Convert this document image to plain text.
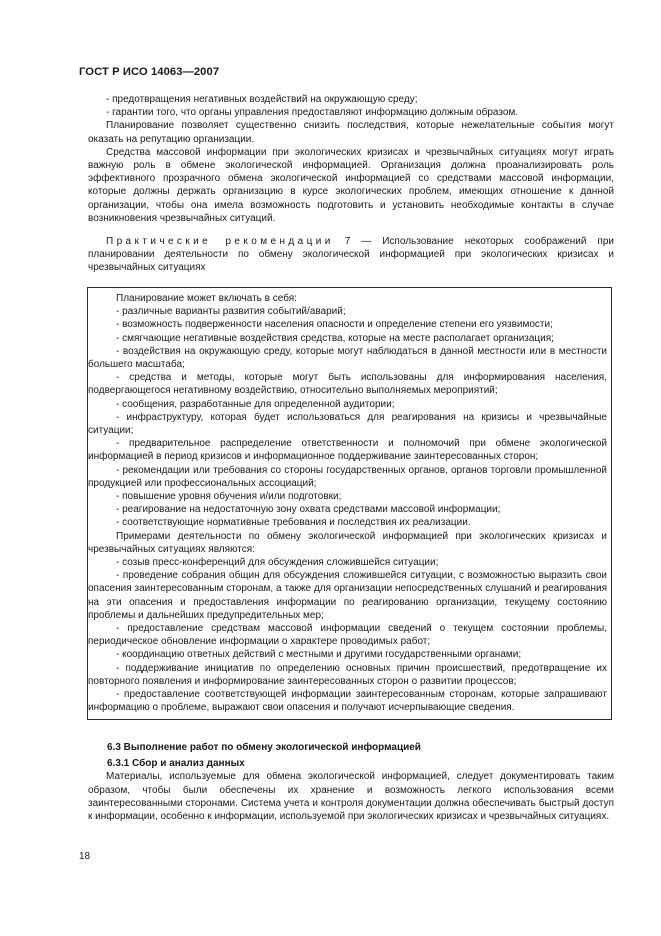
ГОСТ Р ИСО 14063—2007

- предотвращения негативных воздействий на окружающую среду;

- гарантии того, что органы управления предоставляют информацию должным образом.

Планирование позволяет существенно снизить последствия, которые нежелательные события могут оказать на репутацию организации.

Средства массовой информации при экологических кризисах и чрезвычайных ситуациях могут играть важную роль в обмене экологической информацией. Организация должна проанализировать роль эффективного прозрачного обмена экологической информацией со средствами массовой информации, которые должны держать организацию в курсе экологических проблем, имеющих отношение к данной организации, чтобы она имела возможность подготовить и установить необходимые контакты в случае возникновения чрезвычайных ситуаций.

Практические рекомендации 7 — Использование некоторых соображений при планировании деятельности по обмену экологической информацией при экологических кризисах и чрезвычайных ситуациях

Планирование может включать в себя:

- различные варианты развития событий/аварий;

- возможность подверженности населения опасности и определение степени его уязвимости;

- смягчающие негативные воздействия средства, которые на месте располагает организация;

- воздействия на окружающую среду, которые могут наблюдаться в данной местности или в местности большего масштаба;

- средства и методы, которые могут быть использованы для информирования населения, подвергающегося негативному воздействию, относительно выполняемых мероприятий;

- сообщения, разработанные для определенной аудитории;

- инфраструктуру, которая будет использоваться для реагирования на кризисы и чрезвычайные ситуации;

- предварительное распределение ответственности и полномочий при обмене экологической информацией в период кризисов и информационное поддерживание заинтересованных сторон;

- рекомендации или требования со стороны государственных органов, органов торговли промышленной продукцией или профессиональных ассоциаций;

- повышение уровня обучения и/или подготовки;

- реагирование на недостаточную зону охвата средствами массовой информации;

- соответствующие нормативные требования и последствия их реализации.

Примерами деятельности по обмену экологической информацией при экологических кризисах и чрезвычайных ситуациях являются:

- созыв пресс-конференций для обсуждения сложившейся ситуации;

- проведение собрания общин для обсуждения сложившейся ситуации, с возможностью выразить свои опасения заинтересованным сторонам, а также для организации непосредственных слушаний и реагирования на эти опасения и предоставления информации по реагированию организации, текущему состоянию проблемы и дальнейших предупредительных мер;

- предоставление средствам массовой информации сведений о текущем состоянии проблемы, периодическое обновление информации о характере проводимых работ;

- координацию ответных действий с местными и другими государственными органами;

- поддерживание инициатив по определению основных причин происшествий, предотвращение их повторного появления и информирование заинтересованных сторон о развитии процессов;

- предоставление соответствующей информации заинтересованным сторонам, которые запрашивают информацию о проблеме, выражают свои опасения и получают исчерпывающие сведения.

6.3 Выполнение работ по обмену экологической информацией

6.3.1 Сбор и анализ данных

Материалы, используемые для обмена экологической информацией, следует документировать таким образом, чтобы были обеспечены их хранение и возможность легкого использования всеми заинтересованными сторонами. Система учета и контроля документации должна обеспечивать быстрый доступ к информации, особенно к информации, используемой при экологических кризисах и чрезвычайных ситуациях.

18
